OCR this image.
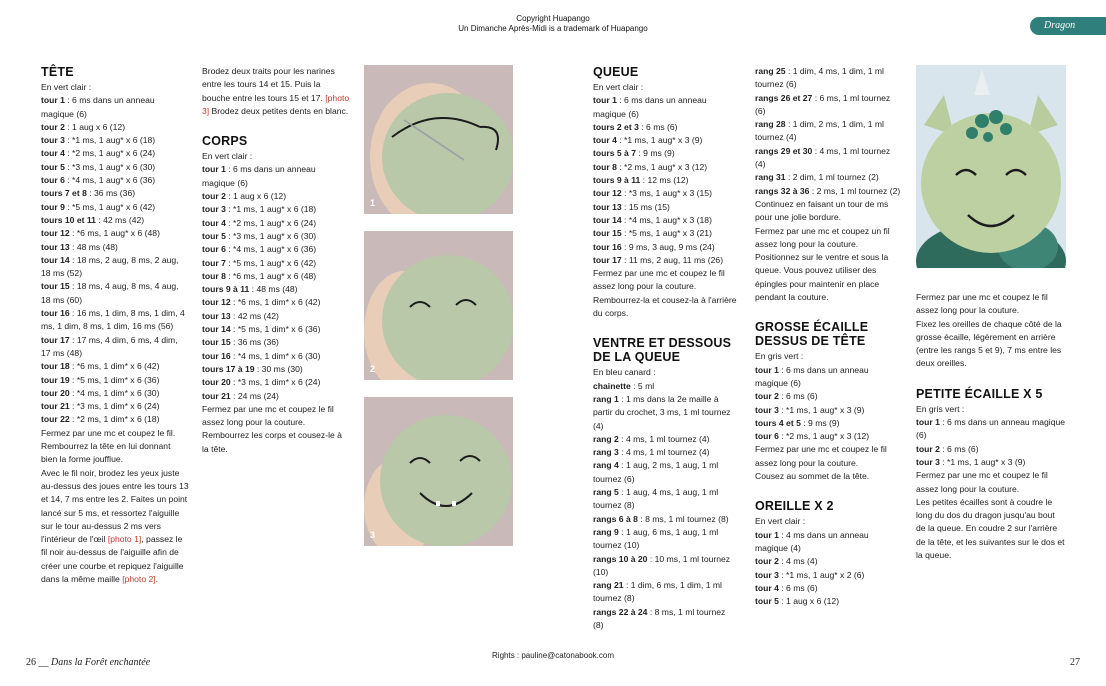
Copyright Huapango
Un Dimanche Après-Midi is a trademark of Huapango	Dragon
TÊTE

En vert clair :

tour 1 : 6 ms dans un anneau magique (6)

tour 2 : 1 aug x 6 (12)

tour 3 : *1 ms, 1 aug* x 6 (18)

tour 4 : *2 ms, 1 aug* x 6 (24)

tour 5 : *3 ms, 1 aug* x 6 (30)

tour 6 : *4 ms, 1 aug* x 6 (36)

tours 7 et 8 : 36 ms (36)

tour 9 : *5 ms, 1 aug* x 6 (42)

tours 10 et 11 : 42 ms (42)

tour 12 : *6 ms, 1 aug* x 6 (48)

tour 13 : 48 ms (48)

tour 14 : 18 ms, 2 aug, 8 ms, 2 aug, 18 ms (52)

tour 15 : 18 ms, 4 aug, 8 ms, 4 aug, 18 ms (60)

tour 16 : 16 ms, 1 dim, 8 ms, 1 dim, 4 ms, 1 dim, 8 ms, 1 dim, 16 ms (56)

tour 17 : 17 ms, 4 dim, 6 ms, 4 dim, 17 ms (48)

tour 18 : *6 ms, 1 dim* x 6 (42)

tour 19 : *5 ms, 1 dim* x 6 (36)

tour 20 : *4 ms, 1 dim* x 6 (30)

tour 21 : *3 ms, 1 dim* x 6 (24)

tour 22 : *2 ms, 1 dim* x 6 (18)

Fermez par une mc et coupez le fil. Rembourrez la tête en lui donnant bien la forme joufflue.

Avec le fil noir, brodez les yeux juste au-dessus des joues entre les tours 13 et 14, 7 ms entre les 2. Faites un point lancé sur 5 ms, et ressortez l'aiguille sur le tour au-dessus 2 ms vers l'intérieur de l'œil [photo 1], passez le fil noir au-dessus de l'aiguille afin de créer une courbe et repiquez l'aiguille dans la même maille [photo 2].

Brodez deux traits pour les narines entre les tours 14 et 15. Puis la bouche entre les tours 15 et 17. [photo 3] Brodez deux petites dents en blanc.

CORPS

En vert clair :

tour 1 : 6 ms dans un anneau magique (6)

tour 2 : 1 aug x 6 (12)

tour 3 : *1 ms, 1 aug* x 6 (18)

tour 4 : *2 ms, 1 aug* x 6 (24)

tour 5 : *3 ms, 1 aug* x 6 (30)

tour 6 : *4 ms, 1 aug* x 6 (36)

tour 7 : *5 ms, 1 aug* x 6 (42)

tour 8 : *6 ms, 1 aug* x 6 (48)

tours 9 à 11 : 48 ms (48)

tour 12 : *6 ms, 1 dim* x 6 (42)

tour 13 : 42 ms (42)

tour 14 : *5 ms, 1 dim* x 6 (36)

tour 15 : 36 ms (36)

tour 16 : *4 ms, 1 dim* x 6 (30)

tours 17 à 19 : 30 ms (30)

tour 20 : *3 ms, 1 dim* x 6 (24)

tour 21 : 24 ms (24)

Fermez par une mc et coupez le fil assez long pour la couture. Rembourrez les corps et cousez-le à la tête.

1
2
3
QUEUE

En vert clair :

tour 1 : 6 ms dans un anneau magique (6)

tours 2 et 3 : 6 ms (6)

tour 4 : *1 ms, 1 aug* x 3 (9)

tours 5 à 7 : 9 ms (9)

tour 8 : *2 ms, 1 aug* x 3 (12)

tours 9 à 11 : 12 ms (12)

tour 12 : *3 ms, 1 aug* x 3 (15)

tour 13 : 15 ms (15)

tour 14 : *4 ms, 1 aug* x 3 (18)

tour 15 : *5 ms, 1 aug* x 3 (21)

tour 16 : 9 ms, 3 aug, 9 ms (24)

tour 17 : 11 ms, 2 aug, 11 ms (26)

Fermez par une mc et coupez le fil assez long pour la couture. Rembourrez-la et cousez-la à l'arrière du corps.

VENTRE ET DESSOUS DE LA QUEUE

En bleu canard :

chainette : 5 ml

rang 1 : 1 ms dans la 2e maille à partir du crochet, 3 ms, 1 ml tournez (4)

rang 2 : 4 ms, 1 ml tournez (4)

rang 3 : 4 ms, 1 ml tournez (4)

rang 4 : 1 aug, 2 ms, 1 aug, 1 ml tournez (6)

rang 5 : 1 aug, 4 ms, 1 aug, 1 ml tournez (8)

rangs 6 à 8 : 8 ms, 1 ml tournez (8)

rang 9 : 1 aug, 6 ms, 1 aug, 1 ml tournez (10)

rangs 10 à 20 : 10 ms, 1 ml tournez (10)

rang 21 : 1 dim, 6 ms, 1 dim, 1 ml tournez (8)

rangs 22 à 24 : 8 ms, 1 ml tournez (8)

rang 25 : 1 dim, 4 ms, 1 dim, 1 ml tournez (6)

rangs 26 et 27 : 6 ms, 1 ml tournez (6)

rang 28 : 1 dim, 2 ms, 1 dim, 1 ml tournez (4)

rangs 29 et 30 : 4 ms, 1 ml tournez (4)

rang 31 : 2 dim, 1 ml tournez (2)

rangs 32 à 36 : 2 ms, 1 ml tournez (2)

Continuez en faisant un tour de ms pour une jolie bordure.

Fermez par une mc et coupez un fil assez long pour la couture. Positionnez sur le ventre et sous la queue. Vous pouvez utiliser des épingles pour maintenir en place pendant la couture.

GROSSE ÉCAILLE DESSUS DE TÊTE

En gris vert :

tour 1 : 6 ms dans un anneau magique (6)

tour 2 : 6 ms (6)

tour 3 : *1 ms, 1 aug* x 3 (9)

tours 4 et 5 : 9 ms (9)

tour 6 : *2 ms, 1 aug* x 3 (12)

Fermez par une mc et coupez le fil assez long pour la couture.

Cousez au sommet de la tête.

OREILLE X 2

En vert clair :

tour 1 : 4 ms dans un anneau magique (4)

tour 2 : 4 ms (4)

tour 3 : *1 ms, 1 aug* x 2 (6)

tour 4 : 6 ms (6)

tour 5 : 1 aug x 6 (12)

Fermez par une mc et coupez le fil assez long pour la couture.

Fixez les oreilles de chaque côté de la grosse écaille, légèrement en arrière (entre les rangs 5 et 9), 7 ms entre les deux oreilles.

PETITE ÉCAILLE X 5

En gris vert :

tour 1 : 6 ms dans un anneau magique (6)

tour 2 : 6 ms (6)

tour 3 : *1 ms, 1 aug* x 3 (9)

Fermez par une mc et coupez le fil assez long pour la couture.

Les petites écailles sont à coudre le long du dos du dragon jusqu'au bout de la queue. En coudre 2 sur l'arrière de la tête, et les suivantes sur le dos et la queue.

Rights : pauline@catonabook.com
26 __ Dans la Forêt enchantée	27
